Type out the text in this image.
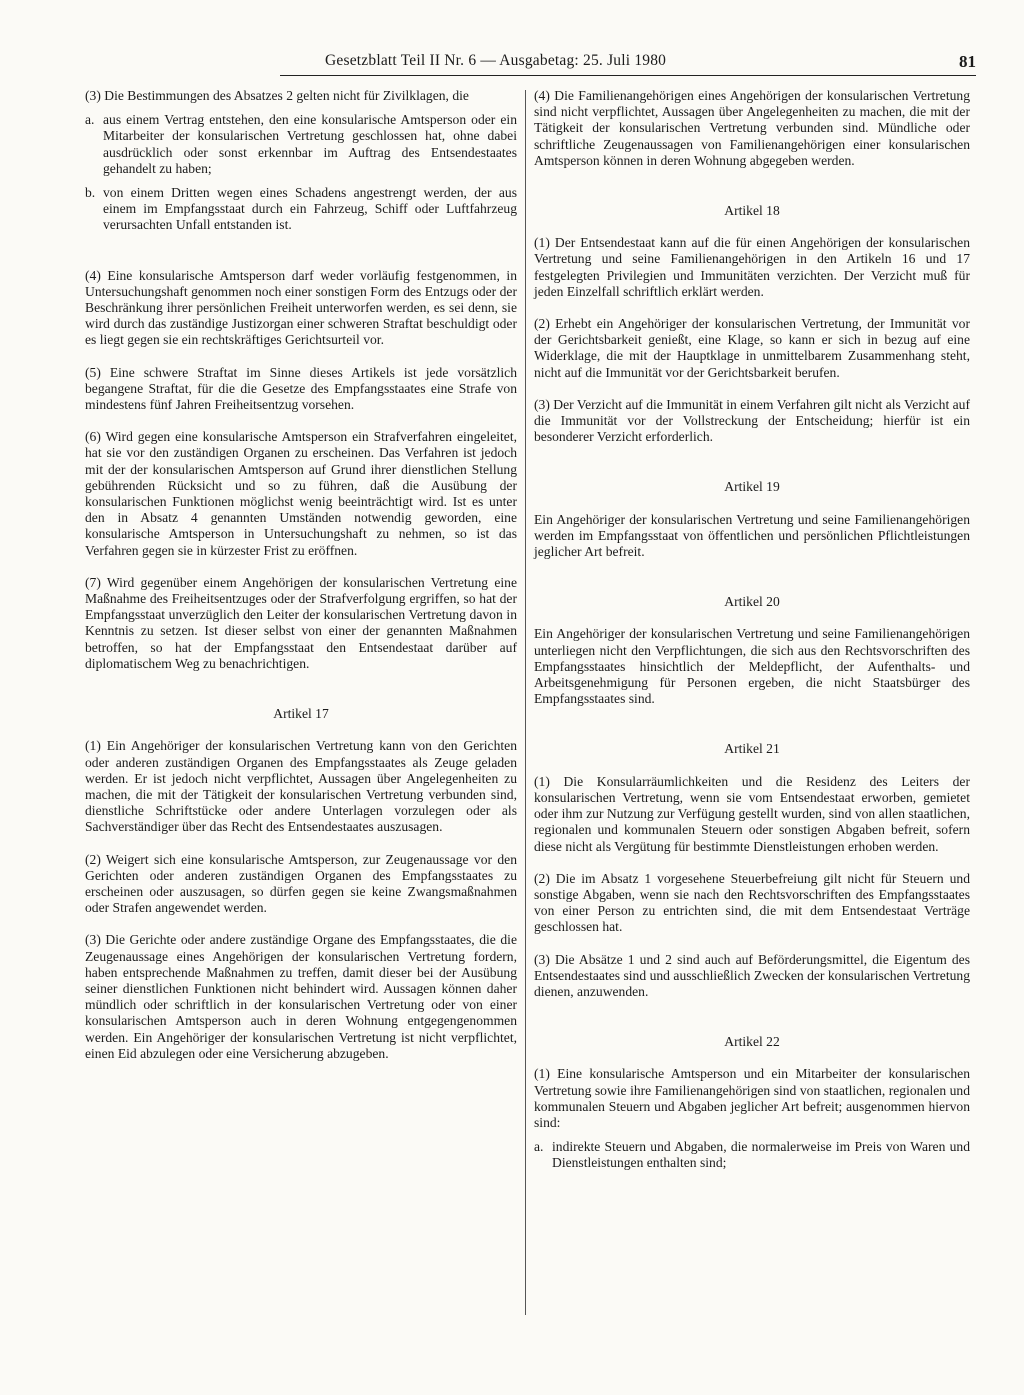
Gesetzblatt Teil II Nr. 6 — Ausgabetag: 25. Juli 1980	81

(3) Die Bestimmungen des Absatzes 2 gelten nicht für Zivilklagen, die

a. aus einem Vertrag entstehen, den eine konsularische Amtsperson oder ein Mitarbeiter der konsularischen Vertretung geschlossen hat, ohne dabei ausdrücklich oder sonst erkennbar im Auftrag des Entsendestaates gehandelt zu haben;
b. von einem Dritten wegen eines Schadens angestrengt werden, der aus einem im Empfangsstaat durch ein Fahrzeug, Schiff oder Luftfahrzeug verursachten Unfall entstanden ist.

(4) Eine konsularische Amtsperson darf weder vorläufig festgenommen, in Untersuchungshaft genommen noch einer sonstigen Form des Entzugs oder der Beschränkung ihrer persönlichen Freiheit unterworfen werden, es sei denn, sie wird durch das zuständige Justizorgan einer schweren Straftat beschuldigt oder es liegt gegen sie ein rechtskräftiges Gerichtsurteil vor.

(5) Eine schwere Straftat im Sinne dieses Artikels ist jede vorsätzlich begangene Straftat, für die die Gesetze des Empfangsstaates eine Strafe von mindestens fünf Jahren Freiheitsentzug vorsehen.

(6) Wird gegen eine konsularische Amtsperson ein Strafverfahren eingeleitet, hat sie vor den zuständigen Organen zu erscheinen. Das Verfahren ist jedoch mit der der konsularischen Amtsperson auf Grund ihrer dienstlichen Stellung gebührenden Rücksicht und so zu führen, daß die Ausübung der konsularischen Funktionen möglichst wenig beeinträchtigt wird. Ist es unter den in Absatz 4 genannten Umständen notwendig geworden, eine konsularische Amtsperson in Untersuchungshaft zu nehmen, so ist das Verfahren gegen sie in kürzester Frist zu eröffnen.

(7) Wird gegenüber einem Angehörigen der konsularischen Vertretung eine Maßnahme des Freiheitsentzuges oder der Strafverfolgung ergriffen, so hat der Empfangsstaat unverzüglich den Leiter der konsularischen Vertretung davon in Kenntnis zu setzen. Ist dieser selbst von einer der genannten Maßnahmen betroffen, so hat der Empfangsstaat den Entsendestaat darüber auf diplomatischem Weg zu benachrichtigen.

Artikel 17

(1) Ein Angehöriger der konsularischen Vertretung kann von den Gerichten oder anderen zuständigen Organen des Empfangsstaates als Zeuge geladen werden. Er ist jedoch nicht verpflichtet, Aussagen über Angelegenheiten zu machen, die mit der Tätigkeit der konsularischen Vertretung verbunden sind, dienstliche Schriftstücke oder andere Unterlagen vorzulegen oder als Sachverständiger über das Recht des Entsendestaates auszusagen.

(2) Weigert sich eine konsularische Amtsperson, zur Zeugenaussage vor den Gerichten oder anderen zuständigen Organen des Empfangsstaates zu erscheinen oder auszusagen, so dürfen gegen sie keine Zwangsmaßnahmen oder Strafen angewendet werden.

(3) Die Gerichte oder andere zuständige Organe des Empfangsstaates, die die Zeugenaussage eines Angehörigen der konsularischen Vertretung fordern, haben entsprechende Maßnahmen zu treffen, damit dieser bei der Ausübung seiner dienstlichen Funktionen nicht behindert wird. Aussagen können daher mündlich oder schriftlich in der konsularischen Vertretung oder von einer konsularischen Amtsperson auch in deren Wohnung entgegengenommen werden. Ein Angehöriger der konsularischen Vertretung ist nicht verpflichtet, einen Eid abzulegen oder eine Versicherung abzugeben.

(4) Die Familienangehörigen eines Angehörigen der konsularischen Vertretung sind nicht verpflichtet, Aussagen über Angelegenheiten zu machen, die mit der Tätigkeit der konsularischen Vertretung verbunden sind. Mündliche oder schriftliche Zeugenaussagen von Familienangehörigen einer konsularischen Amtsperson können in deren Wohnung abgegeben werden.

Artikel 18

(1) Der Entsendestaat kann auf die für einen Angehörigen der konsularischen Vertretung und seine Familienangehörigen in den Artikeln 16 und 17 festgelegten Privilegien und Immunitäten verzichten. Der Verzicht muß für jeden Einzelfall schriftlich erklärt werden.

(2) Erhebt ein Angehöriger der konsularischen Vertretung, der Immunität vor der Gerichtsbarkeit genießt, eine Klage, so kann er sich in bezug auf eine Widerklage, die mit der Hauptklage in unmittelbarem Zusammenhang steht, nicht auf die Immunität vor der Gerichtsbarkeit berufen.

(3) Der Verzicht auf die Immunität in einem Verfahren gilt nicht als Verzicht auf die Immunität vor der Vollstreckung der Entscheidung; hierfür ist ein besonderer Verzicht erforderlich.

Artikel 19

Ein Angehöriger der konsularischen Vertretung und seine Familienangehörigen werden im Empfangsstaat von öffentlichen und persönlichen Pflichtleistungen jeglicher Art befreit.

Artikel 20

Ein Angehöriger der konsularischen Vertretung und seine Familienangehörigen unterliegen nicht den Verpflichtungen, die sich aus den Rechtsvorschriften des Empfangsstaates hinsichtlich der Meldepflicht, der Aufenthalts- und Arbeitsgenehmigung für Personen ergeben, die nicht Staatsbürger des Empfangsstaates sind.

Artikel 21

(1) Die Konsularräumlichkeiten und die Residenz des Leiters der konsularischen Vertretung, wenn sie vom Entsendestaat erworben, gemietet oder ihm zur Nutzung zur Verfügung gestellt wurden, sind von allen staatlichen, regionalen und kommunalen Steuern oder sonstigen Abgaben befreit, sofern diese nicht als Vergütung für bestimmte Dienstleistungen erhoben werden.

(2) Die im Absatz 1 vorgesehene Steuerbefreiung gilt nicht für Steuern und sonstige Abgaben, wenn sie nach den Rechtsvorschriften des Empfangsstaates von einer Person zu entrichten sind, die mit dem Entsendestaat Verträge geschlossen hat.

(3) Die Absätze 1 und 2 sind auch auf Beförderungsmittel, die Eigentum des Entsendestaates sind und ausschließlich Zwecken der konsularischen Vertretung dienen, anzuwenden.

Artikel 22

(1) Eine konsularische Amtsperson und ein Mitarbeiter der konsularischen Vertretung sowie ihre Familienangehörigen sind von staatlichen, regionalen und kommunalen Steuern und Abgaben jeglicher Art befreit; ausgenommen hiervon sind:

a. indirekte Steuern und Abgaben, die normalerweise im Preis von Waren und Dienstleistungen enthalten sind;
